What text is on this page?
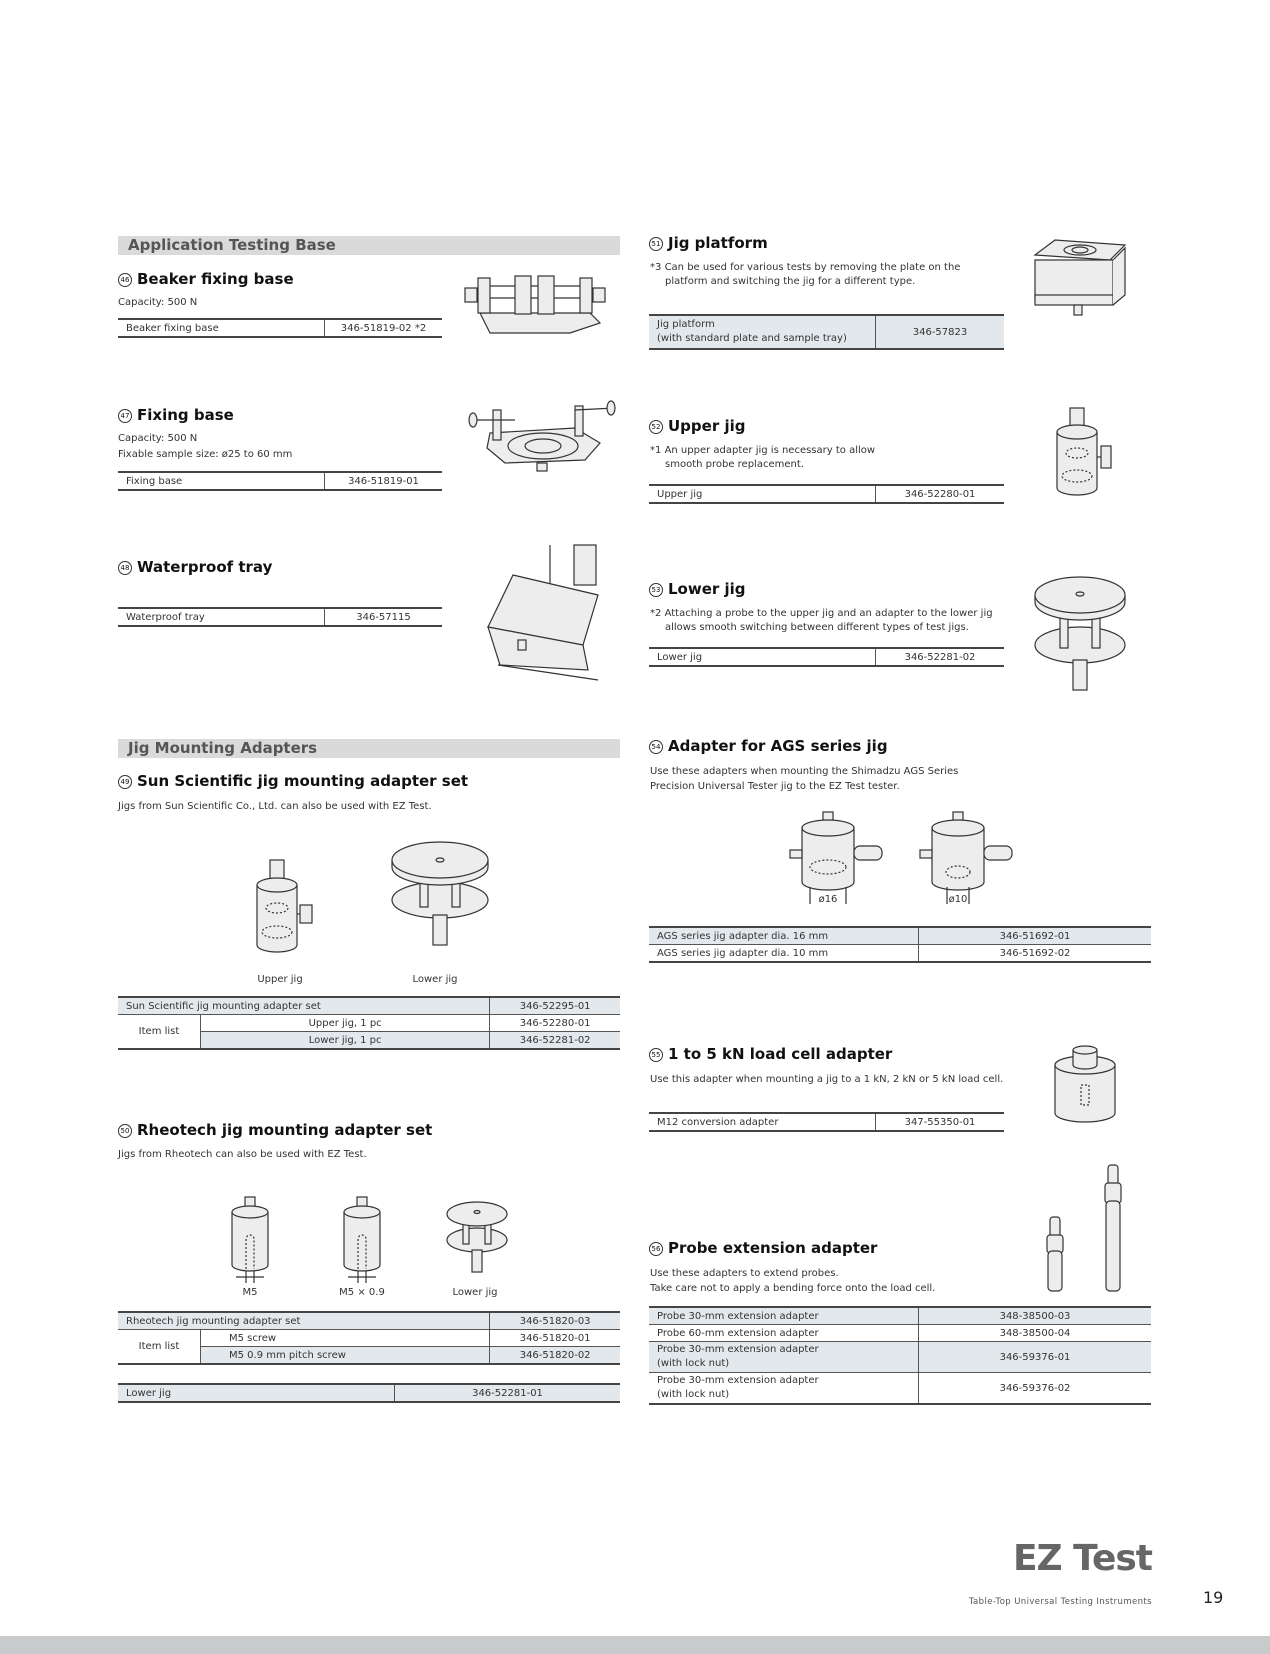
Application Testing Base
46 Beaker fixing base
Capacity: 500 N
Beaker fixing base	346-51819-02 *2
47 Fixing base
Capacity: 500 N
Fixable sample size: ø25 to 60 mm
Fixing base	346-51819-01
48 Waterproof tray
Waterproof tray	346-57115
Jig Mounting Adapters
49 Sun Scientific jig mounting adapter set
Jigs from Sun Scientific Co., Ltd. can also be used with EZ Test.
Upper jig	Lower jig
Sun Scientific jig mounting adapter set		346-52295-01
Item list	Upper jig, 1 pc	346-52280-01
	Lower jig, 1 pc	346-52281-02
50 Rheotech jig mounting adapter set
Jigs from Rheotech can also be used with EZ Test.
M5	M5 × 0.9	Lower jig
Rheotech jig mounting adapter set		346-51820-03
Item list	M5 screw	346-51820-01
	M5 0.9 mm pitch screw	346-51820-02
Lower jig	346-52281-01
51 Jig platform
*3 Can be used for various tests by removing the plate on the
platform and switching the jig for a different type.
Jig platform
(with standard plate and sample tray)	346-57823
52 Upper jig
*1 An upper adapter jig is necessary to allow
smooth probe replacement.
Upper jig	346-52280-01
53 Lower jig
*2 Attaching a probe to the upper jig and an adapter to the lower jig
allows smooth switching between different types of test jigs.
Lower jig	346-52281-02
54 Adapter for AGS series jig
Use these adapters when mounting the Shimadzu AGS Series
Precision Universal Tester jig to the EZ Test tester.
ø16	ø10
AGS series jig adapter dia. 16 mm	346-51692-01
AGS series jig adapter dia. 10 mm	346-51692-02
55 1 to 5 kN load cell adapter
Use this adapter when mounting a jig to a 1 kN, 2 kN or 5 kN load cell.
M12 conversion adapter	347-55350-01
56 Probe extension adapter
Use these adapters to extend probes.
Take care not to apply a bending force onto the load cell.
Probe 30-mm extension adapter	348-38500-03
Probe 60-mm extension adapter	348-38500-04
Probe 30-mm extension adapter
(with lock nut)	346-59376-01
Probe 30-mm extension adapter
(with lock nut)	346-59376-02
EZ Test
Table-Top Universal Testing Instruments	19
